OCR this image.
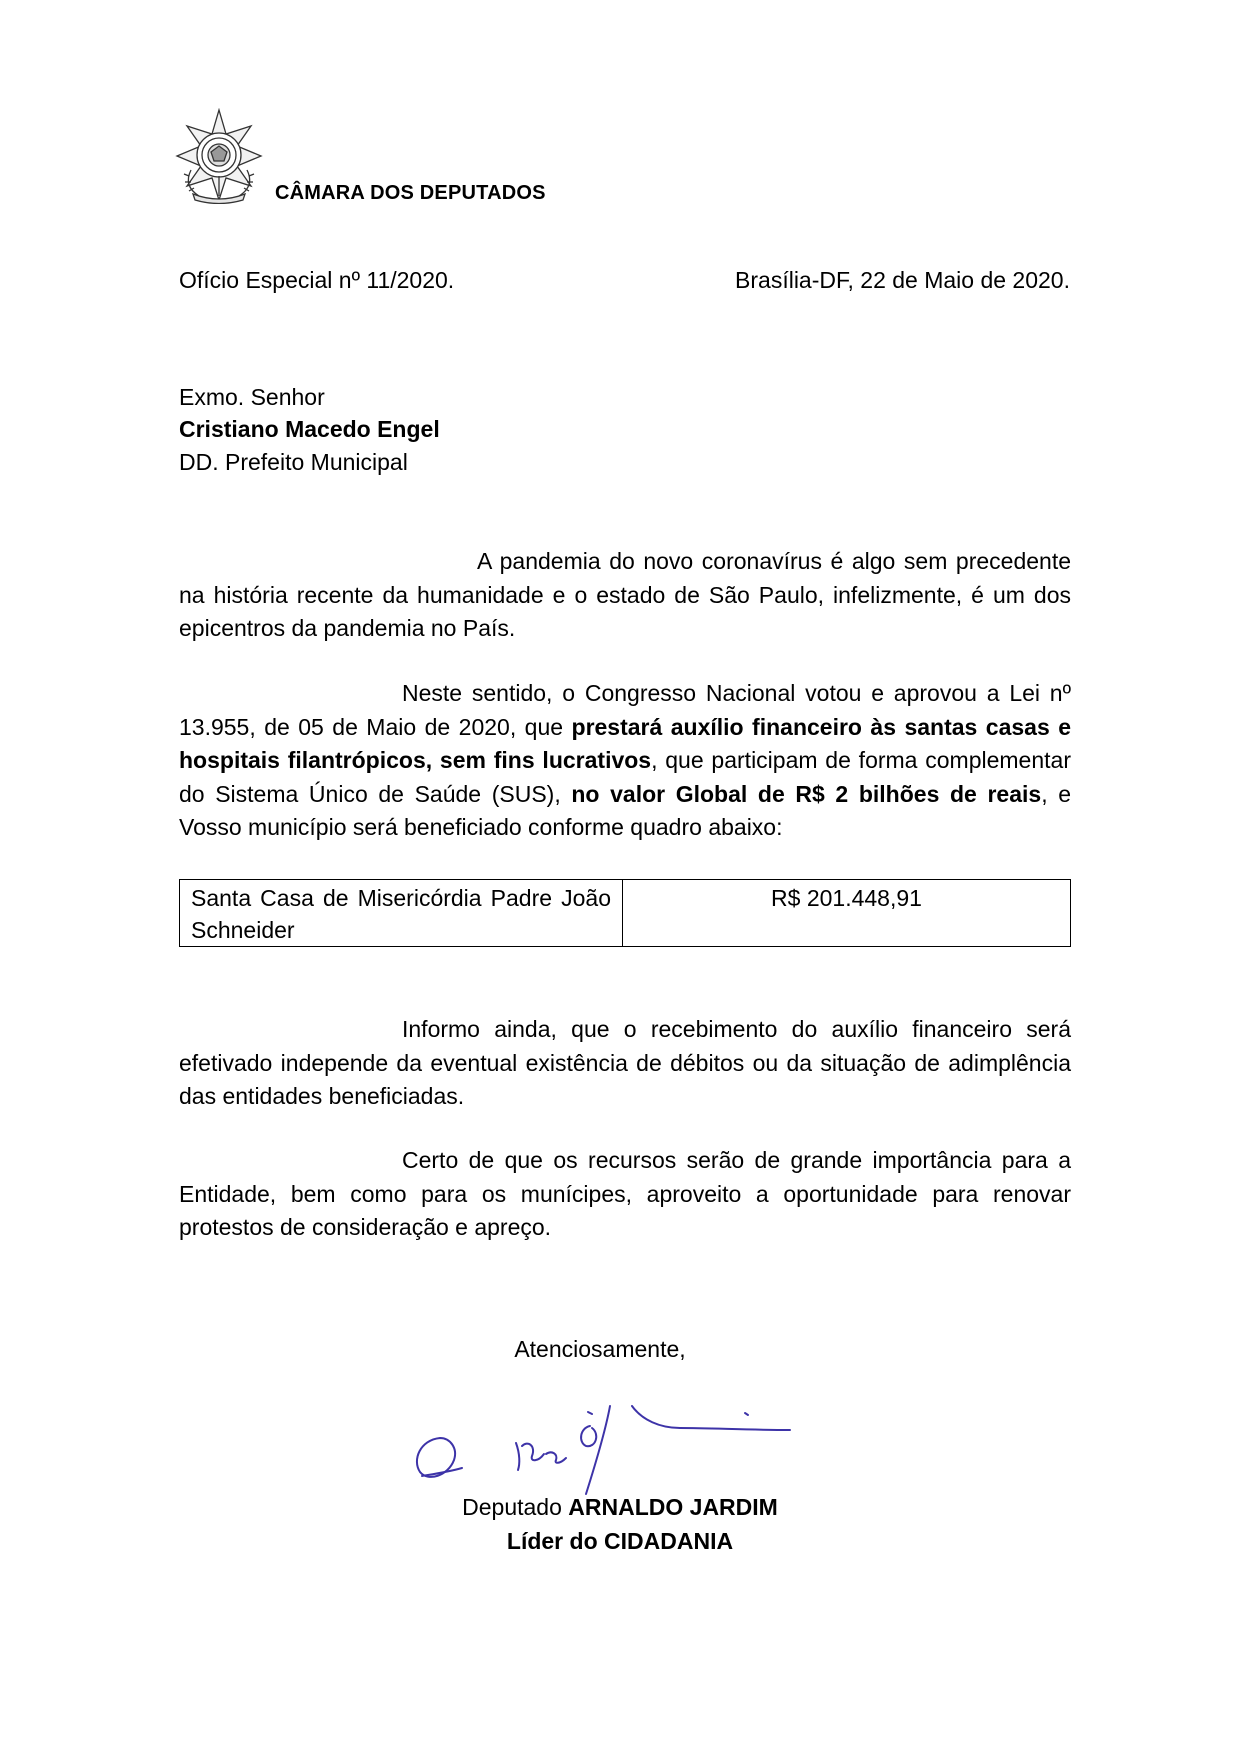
CÂMARA DOS DEPUTADOS
Ofício Especial nº 11/2020.	Brasília-DF, 22 de Maio de 2020.
Exmo. Senhor
Cristiano Macedo Engel
DD. Prefeito Municipal
A pandemia do novo coronavírus é algo sem precedente na história recente da humanidade e o estado de São Paulo, infelizmente, é um dos epicentros da pandemia no País.
Neste sentido, o Congresso Nacional votou e aprovou a Lei nº 13.955, de 05 de Maio de 2020, que prestará auxílio financeiro às santas casas e hospitais filantrópicos, sem fins lucrativos, que participam de forma complementar do Sistema Único de Saúde (SUS), no valor Global de R$ 2 bilhões de reais, e Vosso município será beneficiado conforme quadro abaixo:
Santa Casa de Misericórdia Padre João Schneider	R$ 201.448,91
Informo ainda, que o recebimento do auxílio financeiro será efetivado independe da eventual existência de débitos ou da situação de adimplência das entidades beneficiadas.
Certo de que os recursos serão de grande importância para a Entidade, bem como para os munícipes, aproveito a oportunidade para renovar protestos de consideração e apreço.
Atenciosamente,
Deputado ARNALDO JARDIM
Líder do CIDADANIA
